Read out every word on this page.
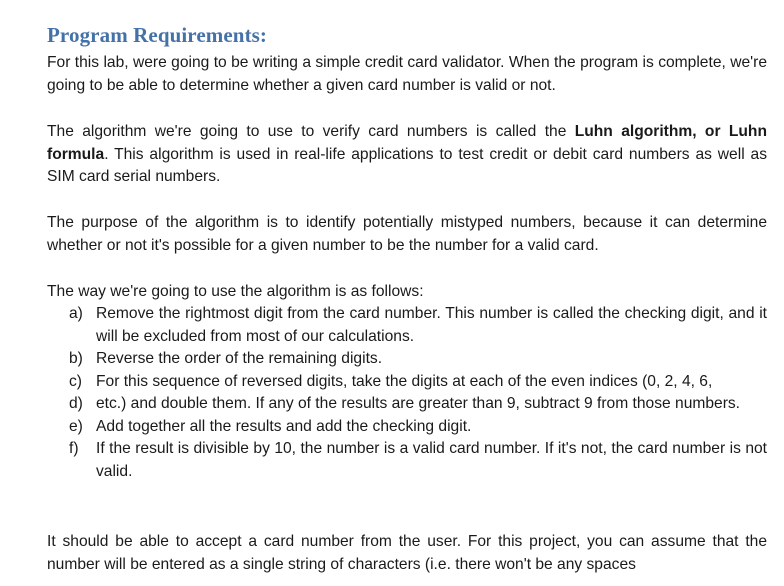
Program Requirements:

For this lab, were going to be writing a simple credit card validator. When the program is complete, we're going to be able to determine whether a given card number is valid or not.

The algorithm we're going to use to verify card numbers is called the Luhn algorithm, or Luhn formula. This algorithm is used in real-life applications to test credit or debit card numbers as well as SIM card serial numbers.

The purpose of the algorithm is to identify potentially mistyped numbers, because it can determine whether or not it's possible for a given number to be the number for a valid card.

The way we're going to use the algorithm is as follows:

a) Remove the rightmost digit from the card number. This number is called the checking digit, and it will be excluded from most of our calculations.
b) Reverse the order of the remaining digits.
c) For this sequence of reversed digits, take the digits at each of the even indices (0, 2, 4, 6,
d) etc.) and double them. If any of the results are greater than 9, subtract 9 from those numbers.
e) Add together all the results and add the checking digit.
f) If the result is divisible by 10, the number is a valid card number. If it's not, the card number is not valid.

It should be able to accept a card number from the user. For this project, you can assume that the number will be entered as a single string of characters (i.e. there won't be any spaces
